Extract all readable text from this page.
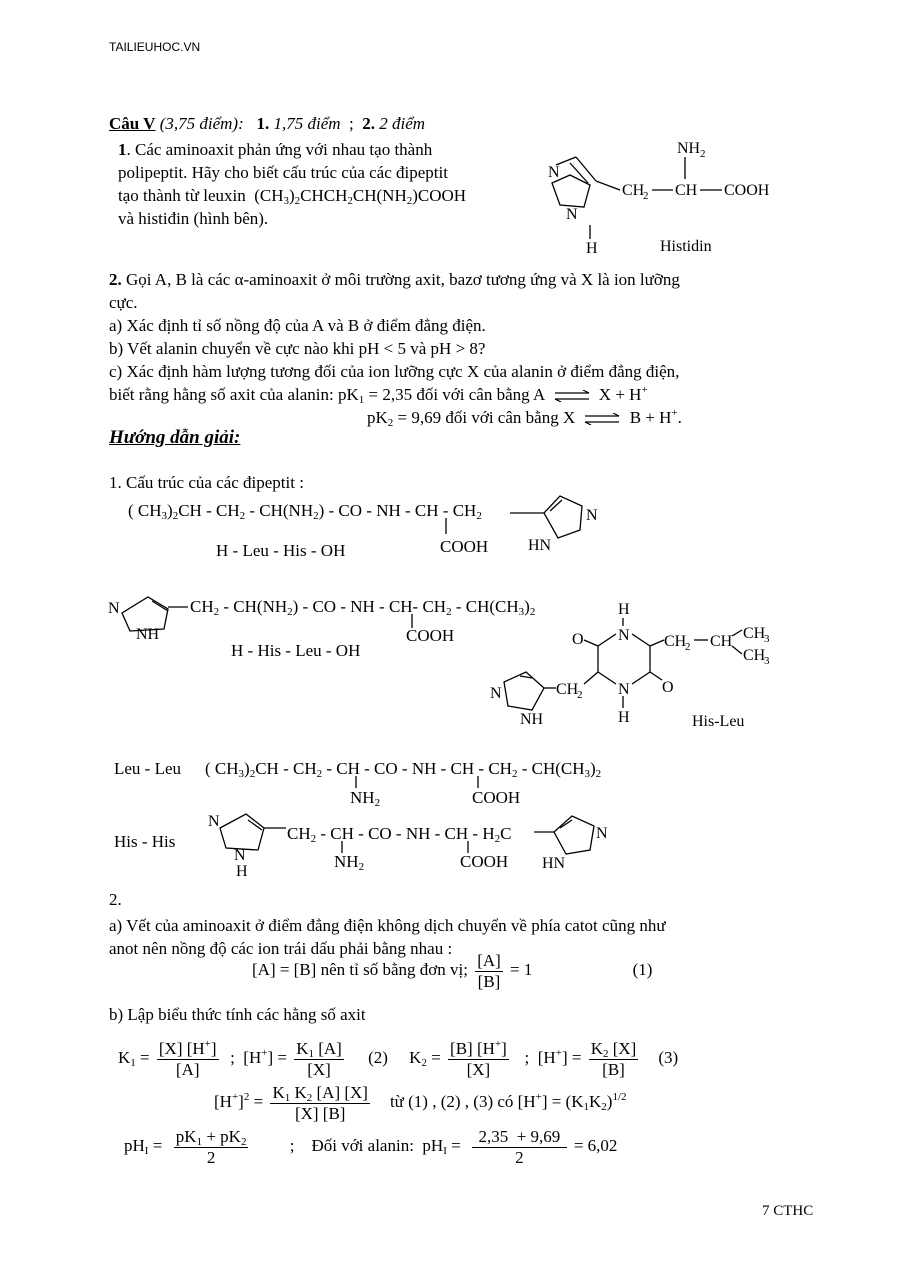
TAILIEUHOC.VN
Câu V (3,75 điểm): 1. 1,75 điểm ; 2. 2 điểm
1. Các aminoaxit phản ứng với nhau tạo thành
polipeptit. Hãy cho biết cấu trúc của các đipeptit
tạo thành từ leuxin $(CH_3)_2CHCH_2CH(NH_2)COOH$
và histiđin (hình bên).
N
N
H
CH
2 CH
NH 2
COOH
Histidin
2. Gọi A, B là các α-aminoaxit ở môi trường axit, bazơ tương ứng và X là ion lưỡng
cực.
a) Xác định tỉ số nồng độ của A và B ở điểm đẳng điện.
b) Vết alanin chuyển về cực nào khi pH < 5 và pH > 8?
c) Xác định hàm lượng tương đối của ion lưỡng cực X của alanin ở điểm đẳng điện,
biết rằng hằng số axit của alanin: $pK_1 = 2,35$ đối với cân bằng A	X + H+
$pK_2 = 9,69$ đối với cân bằng X	B + H+.
Hướng dẫn giải:
1. Cấu trúc của các đipeptit :
( $CH_3)_2CH - CH_2 - CH(NH_2)$ - CO - NH - CH - $CH_2$
COOH
H - Leu - His - OH
N
HN
N
NH
$CH_2 - CH(NH_2)$ - CO - NH - CH- $CH_2 - CH(CH_3)_2$
COOH
H - His - Leu - OH
H
N
N
H
O
O
CH
2 CH CH
3
CH
3
CH
2
N
NH	His-Leu
Leu - Leu ( $CH_3)_2CH - CH_2$ - CH - CO - NH - CH - $CH_2 - CH(CH_3)_2$
$NH_2$	COOH
His - His
N
N
H
$CH_2$ - CH - CO - NH - CH - $H_2C$
$NH_2$	COOH
N
HN
2.
a) Vết của aminoaxit ở điểm đẳng điện không dịch chuyển về phía catot cũng như
anot nên nồng độ các ion trái dấu phải bằng nhau :
[A] = [B] nên tỉ số bằng đơn vị; $\frac{[A]}{[B]} = 1$	(1)
b) Lập biểu thức tính các hằng số axit
$K_1 = \frac{[X] [H^+]}{[A]}$ ;  $[H^+] = \frac{K_1 [A]}{[X]} (2)$     $K_2 = \frac{[B] [H^+]}{[X]}$ ;  $[H^+] = \frac{K_2 [X]}{[B]} (3)$
$[H^+]^2 = \frac{K_1 K_2 [A] [X]}{[X] [B]}$ từ (1) , (2) , (3) có $[H^+] = (K_1K_2)^{1/2}$
$pH_I = \frac{pK_1 + pK_2}{2}$ ;    Đối với alanin:  $pH_I = \frac{2,35 + 9,69}{2} = 6,02$
7 CTHC
